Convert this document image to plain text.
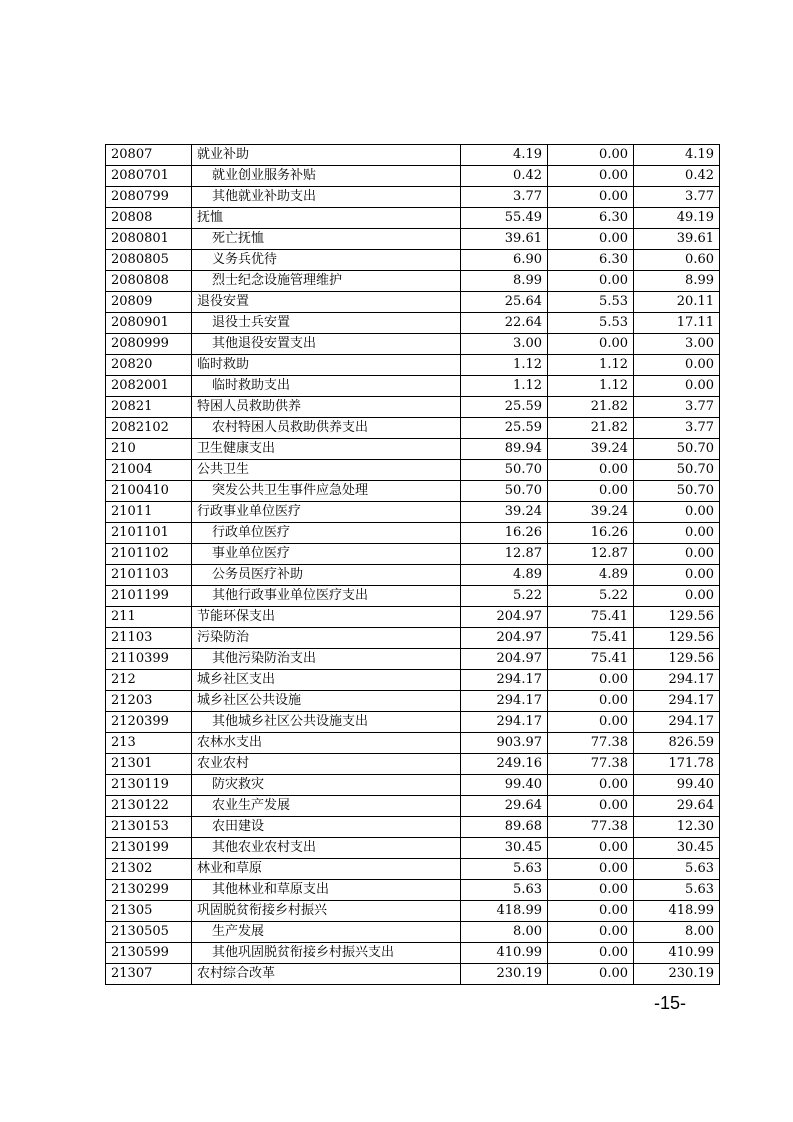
20807	就业补助	4.19	0.00	4.19
2080701	就业创业服务补贴	0.42	0.00	0.42
2080799	其他就业补助支出	3.77	0.00	3.77
20808	抚恤	55.49	6.30	49.19
2080801	死亡抚恤	39.61	0.00	39.61
2080805	义务兵优待	6.90	6.30	0.60
2080808	烈士纪念设施管理维护	8.99	0.00	8.99
20809	退役安置	25.64	5.53	20.11
2080901	退役士兵安置	22.64	5.53	17.11
2080999	其他退役安置支出	3.00	0.00	3.00
20820	临时救助	1.12	1.12	0.00
2082001	临时救助支出	1.12	1.12	0.00
20821	特困人员救助供养	25.59	21.82	3.77
2082102	农村特困人员救助供养支出	25.59	21.82	3.77
210	卫生健康支出	89.94	39.24	50.70
21004	公共卫生	50.70	0.00	50.70
2100410	突发公共卫生事件应急处理	50.70	0.00	50.70
21011	行政事业单位医疗	39.24	39.24	0.00
2101101	行政单位医疗	16.26	16.26	0.00
2101102	事业单位医疗	12.87	12.87	0.00
2101103	公务员医疗补助	4.89	4.89	0.00
2101199	其他行政事业单位医疗支出	5.22	5.22	0.00
211	节能环保支出	204.97	75.41	129.56
21103	污染防治	204.97	75.41	129.56
2110399	其他污染防治支出	204.97	75.41	129.56
212	城乡社区支出	294.17	0.00	294.17
21203	城乡社区公共设施	294.17	0.00	294.17
2120399	其他城乡社区公共设施支出	294.17	0.00	294.17
213	农林水支出	903.97	77.38	826.59
21301	农业农村	249.16	77.38	171.78
2130119	防灾救灾	99.40	0.00	99.40
2130122	农业生产发展	29.64	0.00	29.64
2130153	农田建设	89.68	77.38	12.30
2130199	其他农业农村支出	30.45	0.00	30.45
21302	林业和草原	5.63	0.00	5.63
2130299	其他林业和草原支出	5.63	0.00	5.63
21305	巩固脱贫衔接乡村振兴	418.99	0.00	418.99
2130505	生产发展	8.00	0.00	8.00
2130599	其他巩固脱贫衔接乡村振兴支出	410.99	0.00	410.99
21307	农村综合改革	230.19	0.00	230.19
-15-
